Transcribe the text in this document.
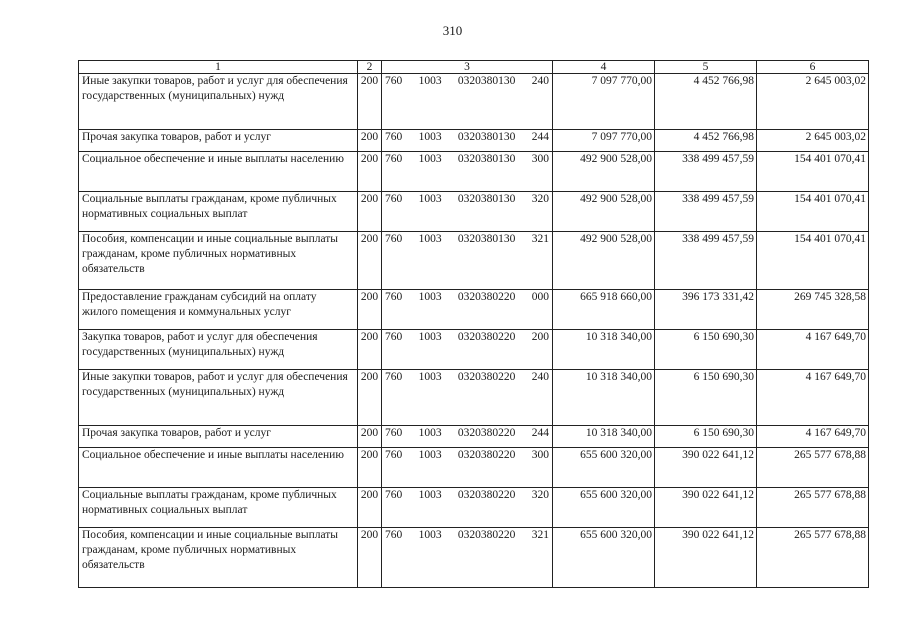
310
1	2	3	4	5	6
Иные закупки товаров, работ и услуг для обеспечения государственных (муниципальных) нужд	200	760 1003 0320380130 240	7 097 770,00	4 452 766,98	2 645 003,02
Прочая закупка товаров, работ и услуг	200	760 1003 0320380130 244	7 097 770,00	4 452 766,98	2 645 003,02
Социальное обеспечение и иные выплаты населению	200	760 1003 0320380130 300	492 900 528,00	338 499 457,59	154 401 070,41
Социальные выплаты гражданам, кроме публичных нормативных социальных выплат	200	760 1003 0320380130 320	492 900 528,00	338 499 457,59	154 401 070,41
Пособия, компенсации и иные социальные выплаты гражданам, кроме публичных нормативных обязательств	200	760 1003 0320380130 321	492 900 528,00	338 499 457,59	154 401 070,41
Предоставление гражданам субсидий на оплату жилого помещения и коммунальных услуг	200	760 1003 0320380220 000	665 918 660,00	396 173 331,42	269 745 328,58
Закупка товаров, работ и услуг для обеспечения государственных (муниципальных) нужд	200	760 1003 0320380220 200	10 318 340,00	6 150 690,30	4 167 649,70
Иные закупки товаров, работ и услуг для обеспечения государственных (муниципальных) нужд	200	760 1003 0320380220 240	10 318 340,00	6 150 690,30	4 167 649,70
Прочая закупка товаров, работ и услуг	200	760 1003 0320380220 244	10 318 340,00	6 150 690,30	4 167 649,70
Социальное обеспечение и иные выплаты населению	200	760 1003 0320380220 300	655 600 320,00	390 022 641,12	265 577 678,88
Социальные выплаты гражданам, кроме публичных нормативных социальных выплат	200	760 1003 0320380220 320	655 600 320,00	390 022 641,12	265 577 678,88
Пособия, компенсации и иные социальные выплаты гражданам, кроме публичных нормативных обязательств	200	760 1003 0320380220 321	655 600 320,00	390 022 641,12	265 577 678,88
